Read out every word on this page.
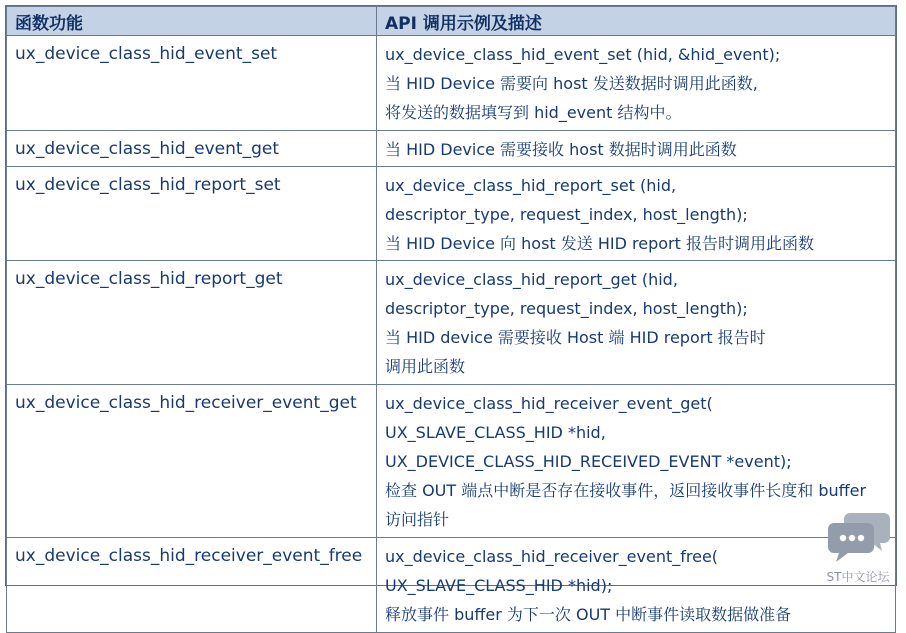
函数功能	API 调用示例及描述
ux_device_class_hid_event_set	ux_device_class_hid_event_set (hid, &hid_event);
当 HID Device 需要向 host 发送数据时调用此函数,
将发送的数据填写到 hid_event 结构中。

ux_device_class_hid_event_get	当 HID Device 需要接收 host 数据时调用此函数

ux_device_class_hid_report_set	ux_device_class_hid_report_set (hid,
descriptor_type, request_index, host_length);
当 HID Device 向 host 发送 HID report 报告时调用此函数

ux_device_class_hid_report_get	ux_device_class_hid_report_get (hid,
descriptor_type, request_index, host_length);
当 HID device 需要接收 Host 端 HID report 报告时
调用此函数

ux_device_class_hid_receiver_event_get	ux_device_class_hid_receiver_event_get(
UX_SLAVE_CLASS_HID *hid,
UX_DEVICE_CLASS_HID_RECEIVED_EVENT *event);
检查 OUT 端点中断是否存在接收事件，返回接收事件长度和 buffer
访问指针

ux_device_class_hid_receiver_event_free	ux_device_class_hid_receiver_event_free(
UX_SLAVE_CLASS_HID *hid);
释放事件 buffer 为下一次 OUT 中断事件读取数据做准备
ST中文论坛
